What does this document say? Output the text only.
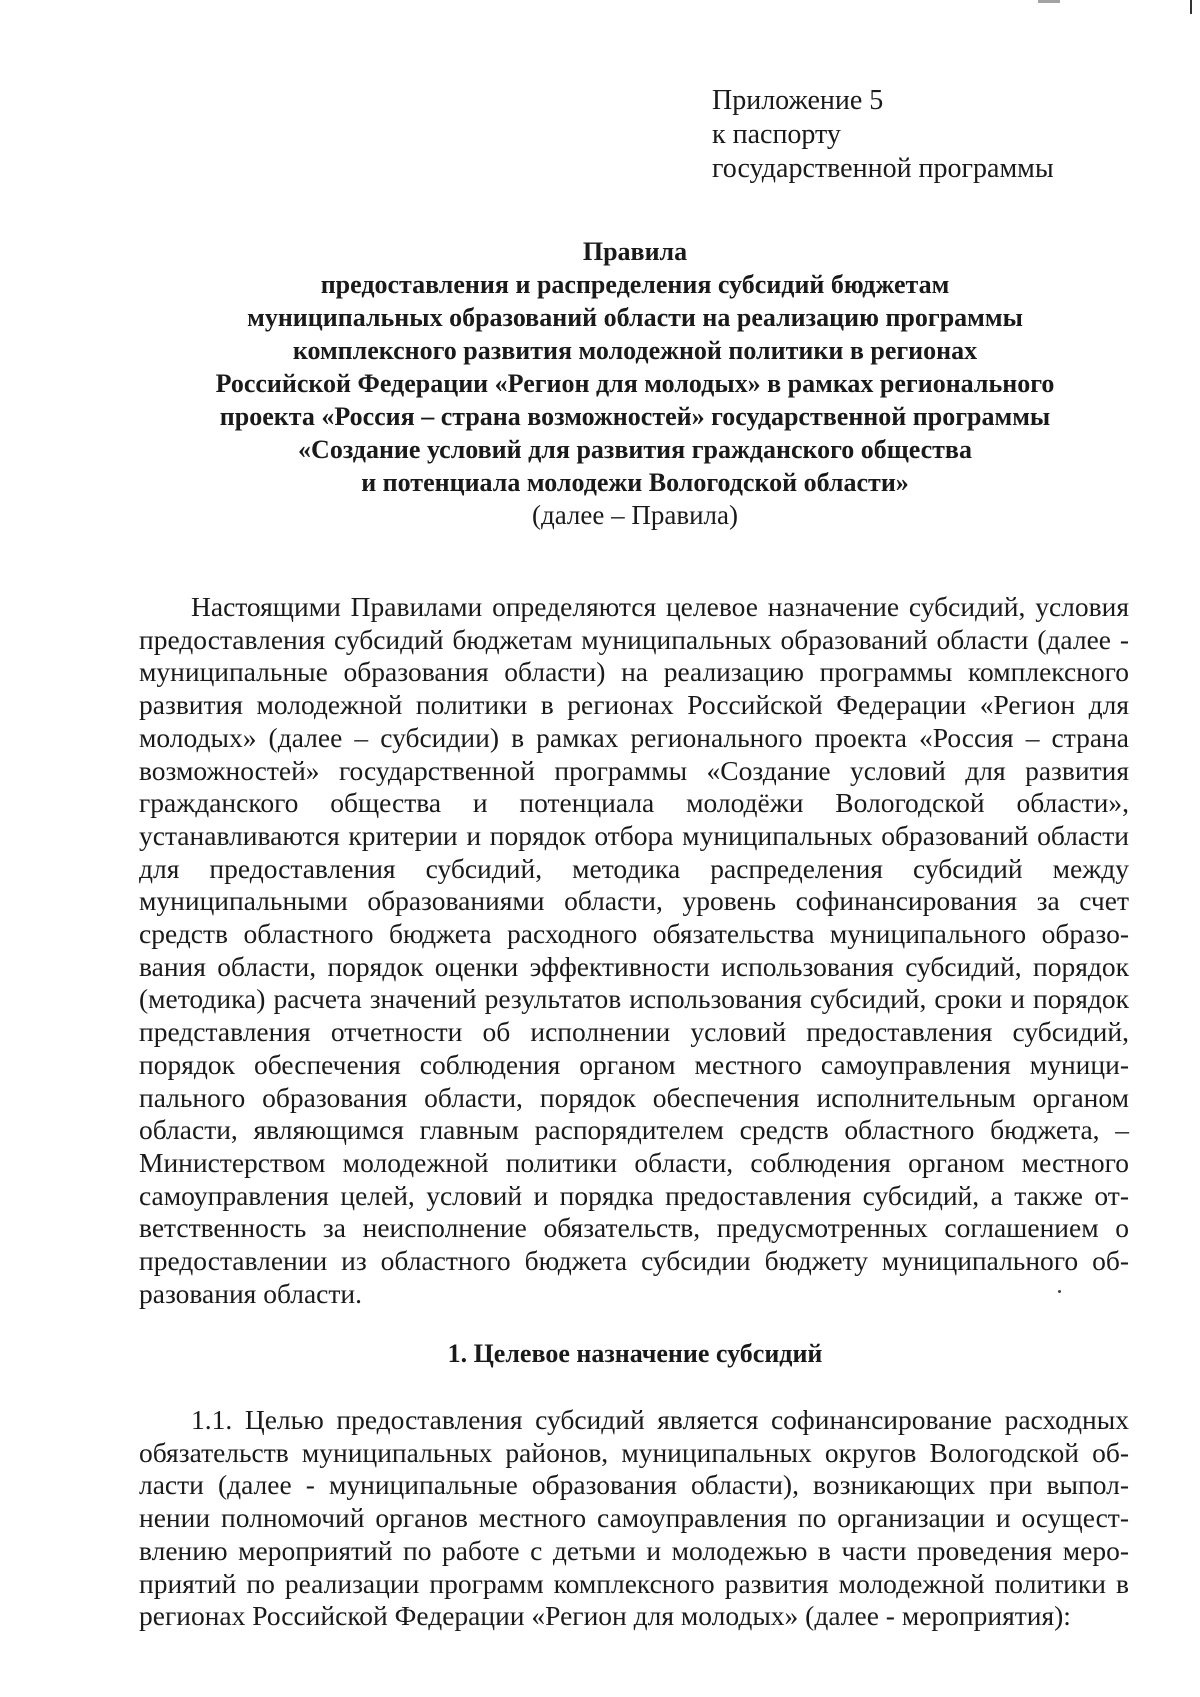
Приложение 5
к паспорту
государственной программы
Правила
предоставления и распределения субсидий бюджетам
муниципальных образований области на реализацию программы
комплексного развития молодежной политики в регионах
Российской Федерации «Регион для молодых» в рамках регионального
проекта «Россия – страна возможностей» государственной программы
«Создание условий для развития гражданского общества
и потенциала молодежи Вологодской области»
(далее – Правила)

Настоящими Правилами определяются целевое назначение субсидий, условия предоставления субсидий бюджетам муниципальных образований области (далее - муниципальные образования области) на реализацию программы комплексного развития молодежной политики в регионах Российской Федерации «Регион для молодых» (далее – субсидии) в рамках регионального проекта «Россия – страна возможностей» государственной программы «Создание условий для развития гражданского общества и потенциала молодёжи Вологодской области», устанавливаются критерии и порядок отбора муниципальных образований области для предоставления субсидий, методика распределения субсидий между муниципальными образованиями области, уровень софинансирования за счет средств областного бюджета расходного обязательства муниципального образования области, порядок оценки эффективности использования субсидий, порядок (методика) расчета значений результатов использования субсидий, сроки и порядок представления отчетности об исполнении условий предоставления субсидий, порядок обеспечения соблюдения органом местного самоуправления муниципального образования области, порядок обеспечения исполнительным органом области, являющимся главным распорядителем средств областного бюджета, – Министерством молодежной политики области, соблюдения органом местного самоуправления целей, условий и порядка предоставления субсидий, а также ответственность за неисполнение обязательств, предусмотренных соглашением о предоставлении из областного бюджета субсидии бюджету муниципального образования области.

1. Целевое назначение субсидий

1.1. Целью предоставления субсидий является софинансирование расходных обязательств муниципальных районов, муниципальных округов Вологодской области (далее - муниципальные образования области), возникающих при выполнении полномочий органов местного самоуправления по организации и осуществлению мероприятий по работе с детьми и молодежью в части проведения мероприятий по реализации программ комплексного развития молодежной политики в регионах Российской Федерации «Регион для молодых» (далее - мероприятия):
